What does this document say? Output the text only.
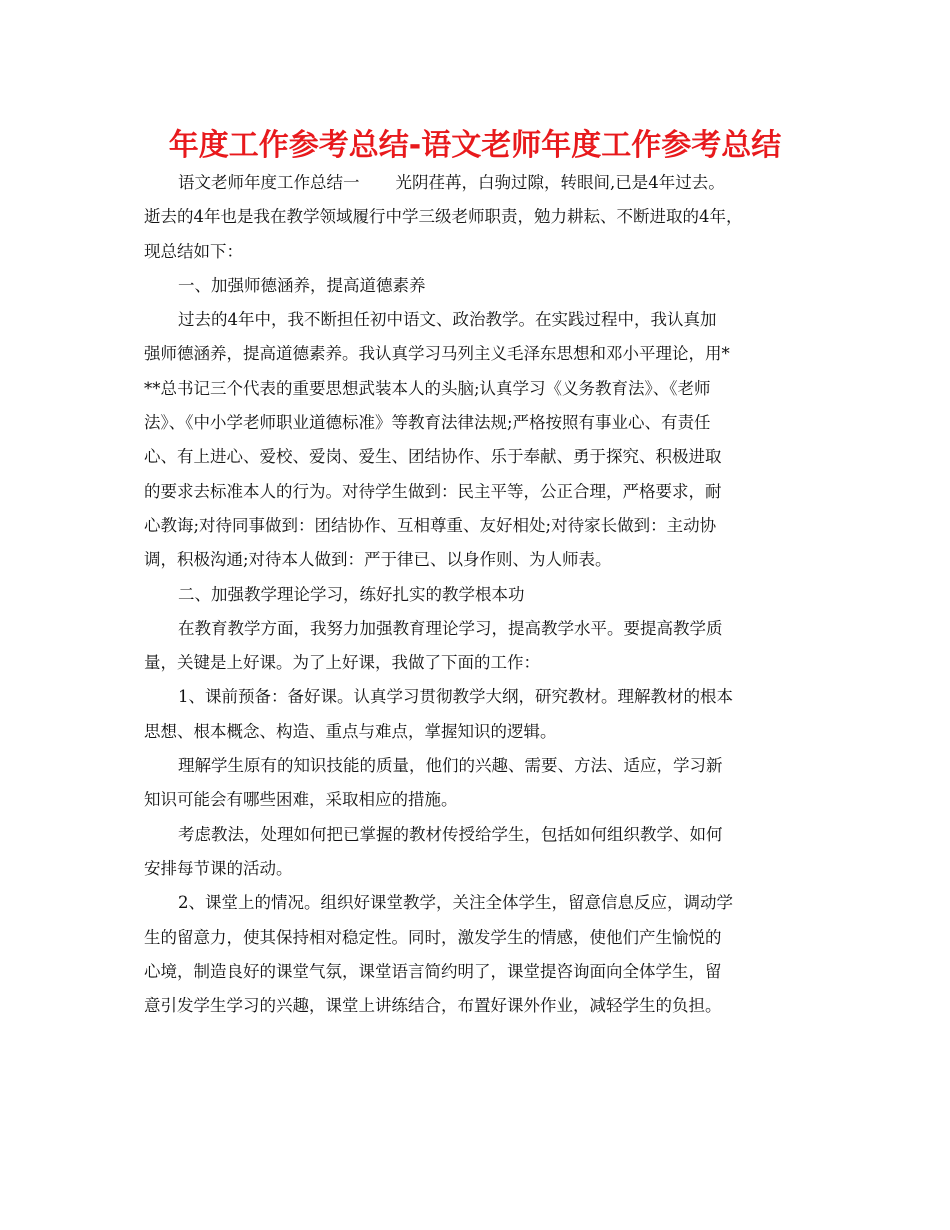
年度工作参考总结-语文老师年度工作参考总结
语文老师年度工作总结一 光阴荏苒，白驹过隙，转眼间,已是4年过去。
逝去的4年也是我在教学领域履行中学三级老师职责，勉力耕耘、不断进取的4年，
现总结如下：
一、加强师德涵养，提高道德素养
过去的4年中，我不断担任初中语文、政治教学。在实践过程中，我认真加
强师德涵养，提高道德素养。我认真学习马列主义毛泽东思想和邓小平理论，用*
**总书记三个代表的重要思想武装本人的头脑;认真学习《义务教育法》、《老师
法》、《中小学老师职业道德标准》等教育法律法规;严格按照有事业心、有责任
心、有上进心、爱校、爱岗、爱生、团结协作、乐于奉献、勇于探究、积极进取
的要求去标准本人的行为。对待学生做到：民主平等，公正合理，严格要求，耐
心教诲;对待同事做到：团结协作、互相尊重、友好相处;对待家长做到：主动协
调，积极沟通;对待本人做到：严于律已、以身作则、为人师表。
二、加强教学理论学习，练好扎实的教学根本功
在教育教学方面，我努力加强教育理论学习，提高教学水平。要提高教学质
量，关键是上好课。为了上好课，我做了下面的工作：
1、课前预备：备好课。认真学习贯彻教学大纲，研究教材。理解教材的根本
思想、根本概念、构造、重点与难点，掌握知识的逻辑。
理解学生原有的知识技能的质量，他们的兴趣、需要、方法、适应，学习新
知识可能会有哪些困难，采取相应的措施。
考虑教法，处理如何把已掌握的教材传授给学生，包括如何组织教学、如何
安排每节课的活动。
2、课堂上的情况。组织好课堂教学，关注全体学生，留意信息反应，调动学
生的留意力，使其保持相对稳定性。同时，激发学生的情感，使他们产生愉悦的
心境，制造良好的课堂气氛，课堂语言简约明了，课堂提咨询面向全体学生，留
意引发学生学习的兴趣，课堂上讲练结合，布置好课外作业，减轻学生的负担。
